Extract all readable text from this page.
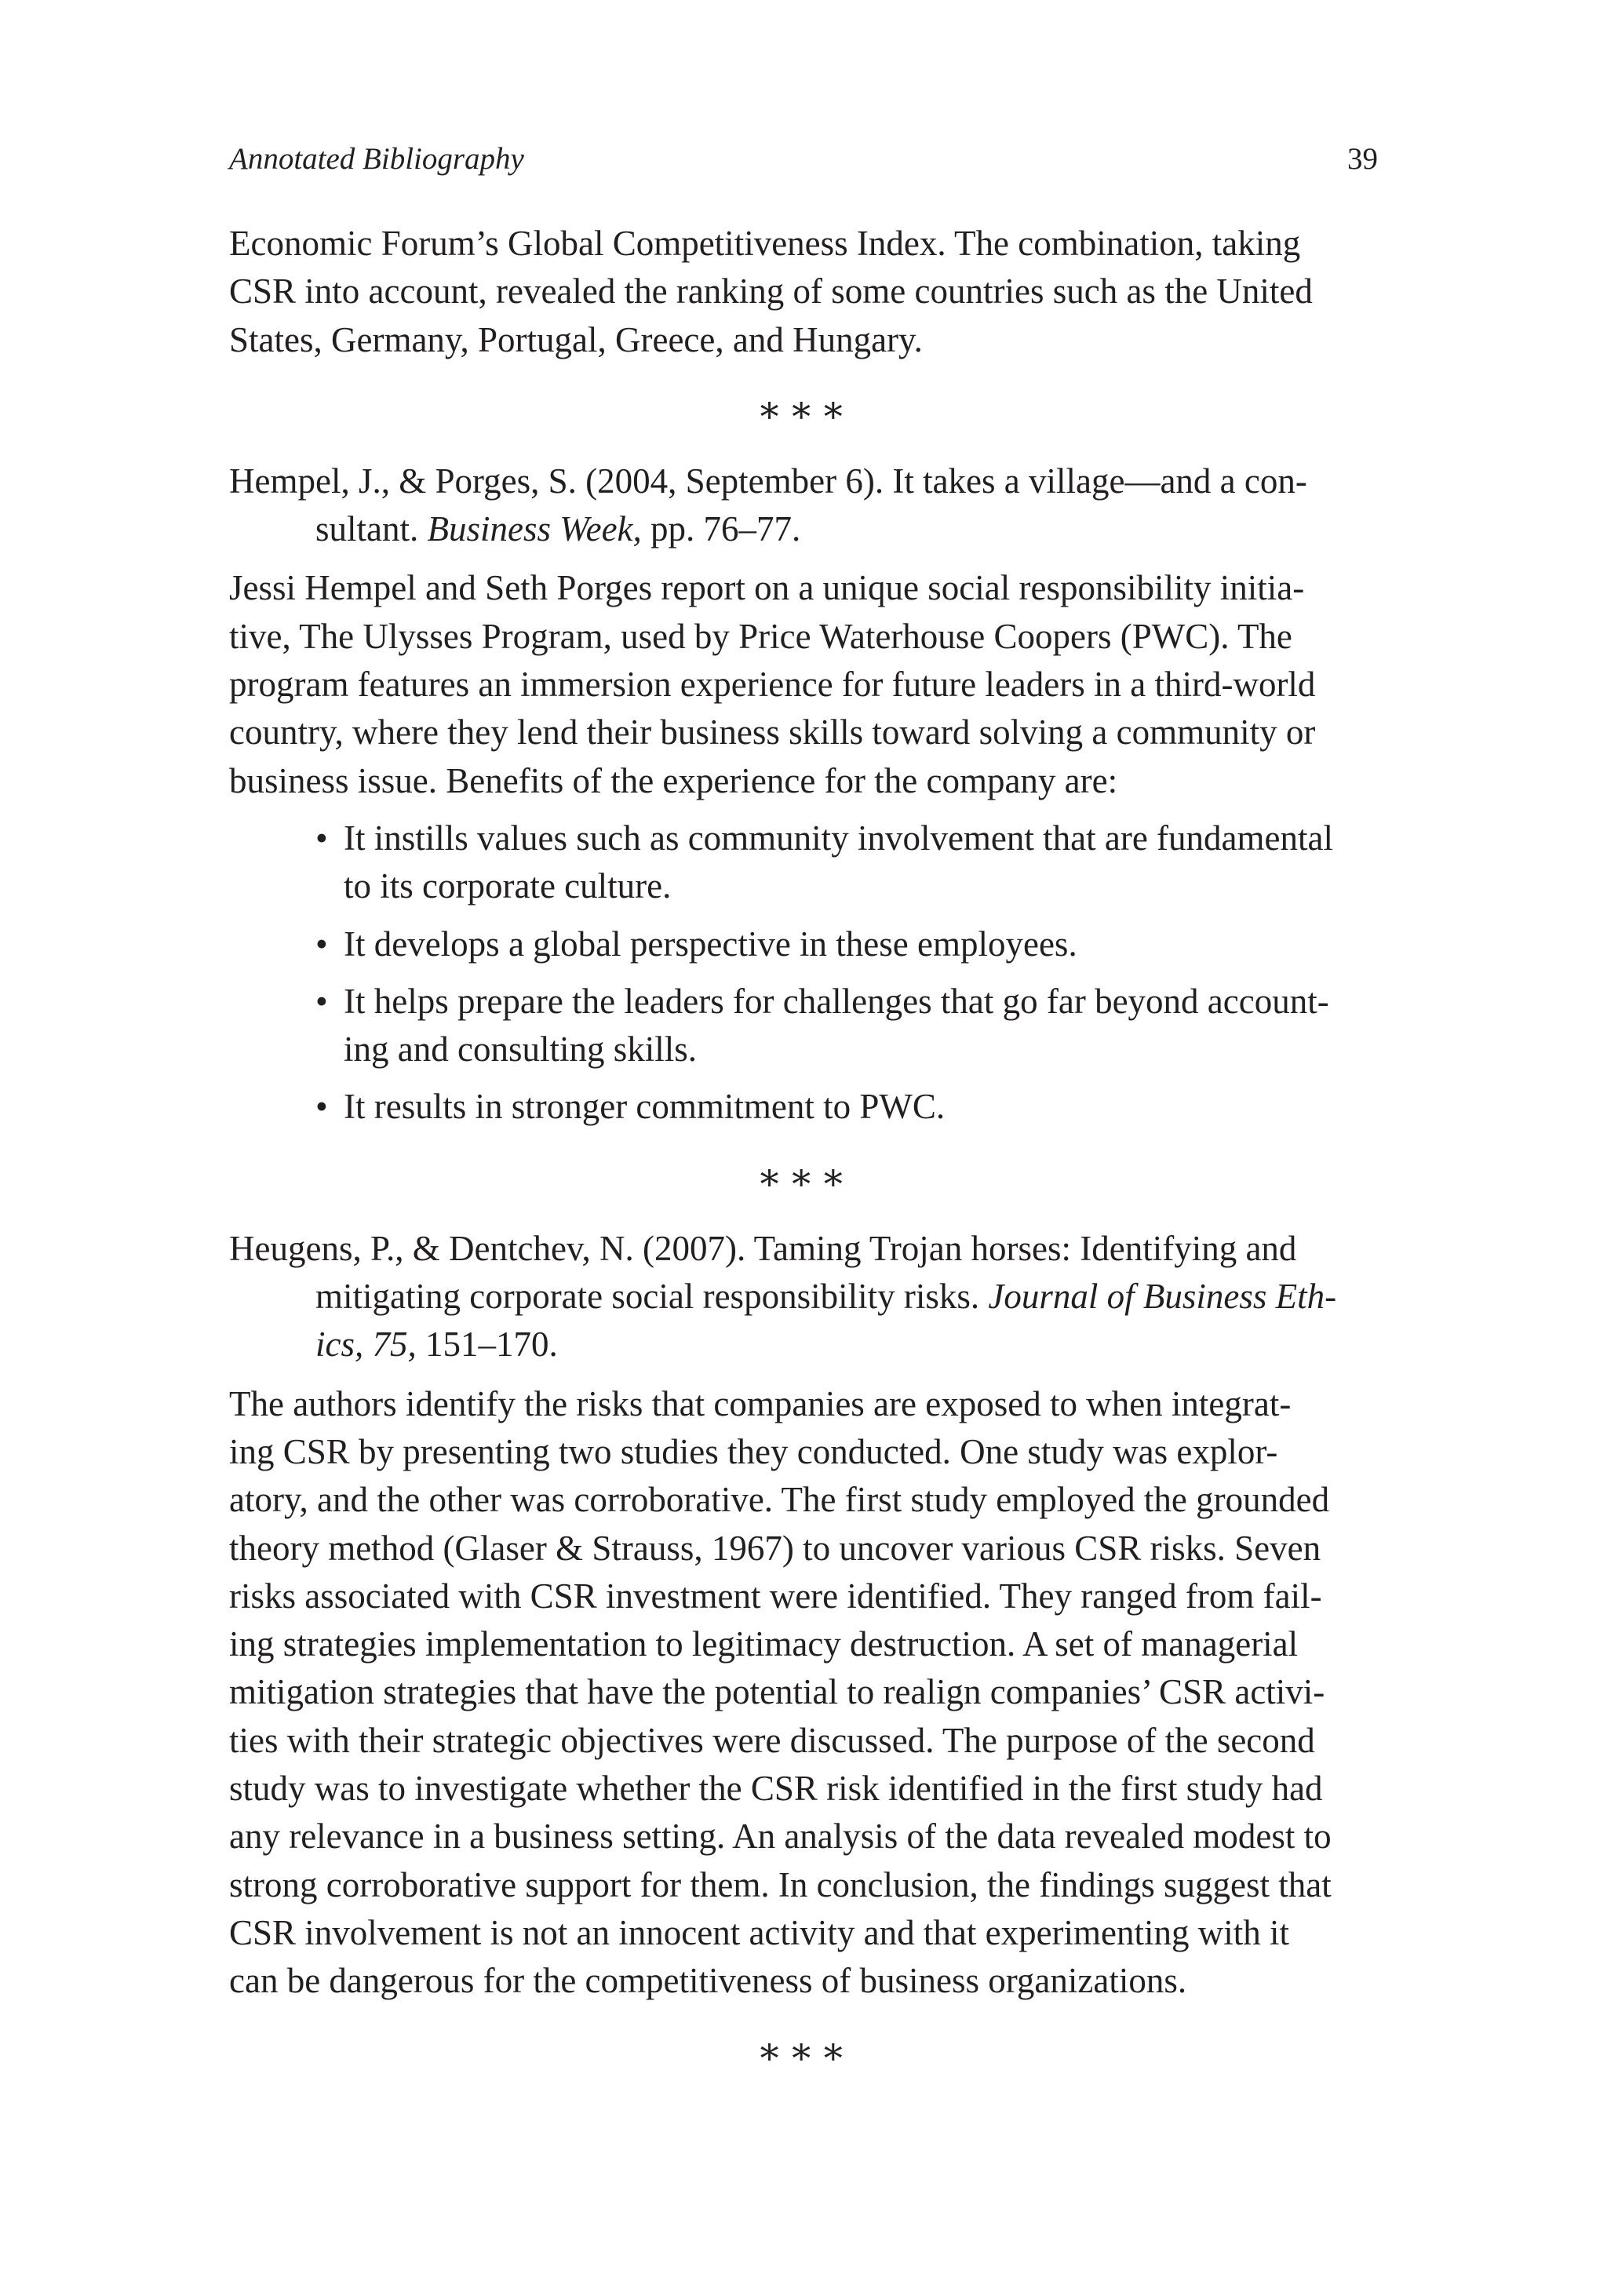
Annotated Bibliography	39

Economic Forum’s Global Competitiveness Index. The combination, taking
CSR into account, revealed the ranking of some countries such as the United
States, Germany, Portugal, Greece, and Hungary.

∗∗∗

Hempel, J., & Porges, S. (2004, September 6). It takes a village—and a con-
sultant. Business Week, pp. 76–77.

Jessi Hempel and Seth Porges report on a unique social responsibility initia-
tive, The Ulysses Program, used by Price Waterhouse Coopers (PWC). The
program features an immersion experience for future leaders in a third-world
country, where they lend their business skills toward solving a community or
business issue. Benefits of the experience for the company are:

• It instills values such as community involvement that are fundamental
to its corporate culture.
• It develops a global perspective in these employees.
• It helps prepare the leaders for challenges that go far beyond account-
ing and consulting skills.
• It results in stronger commitment to PWC.
∗∗∗

Heugens, P., & Dentchev, N. (2007). Taming Trojan horses: Identifying and
mitigating corporate social responsibility risks. Journal of Business Eth-
ics, 75, 151–170.

The authors identify the risks that companies are exposed to when integrat-
ing CSR by presenting two studies they conducted. One study was explor-
atory, and the other was corroborative. The first study employed the grounded
theory method (Glaser & Strauss, 1967) to uncover various CSR risks. Seven
risks associated with CSR investment were identified. They ranged from fail-
ing strategies implementation to legitimacy destruction. A set of managerial
mitigation strategies that have the potential to realign companies’ CSR activi-
ties with their strategic objectives were discussed. The purpose of the second
study was to investigate whether the CSR risk identified in the first study had
any relevance in a business setting. An analysis of the data revealed modest to
strong corroborative support for them. In conclusion, the findings suggest that
CSR involvement is not an innocent activity and that experimenting with it
can be dangerous for the competitiveness of business organizations.

∗∗∗
